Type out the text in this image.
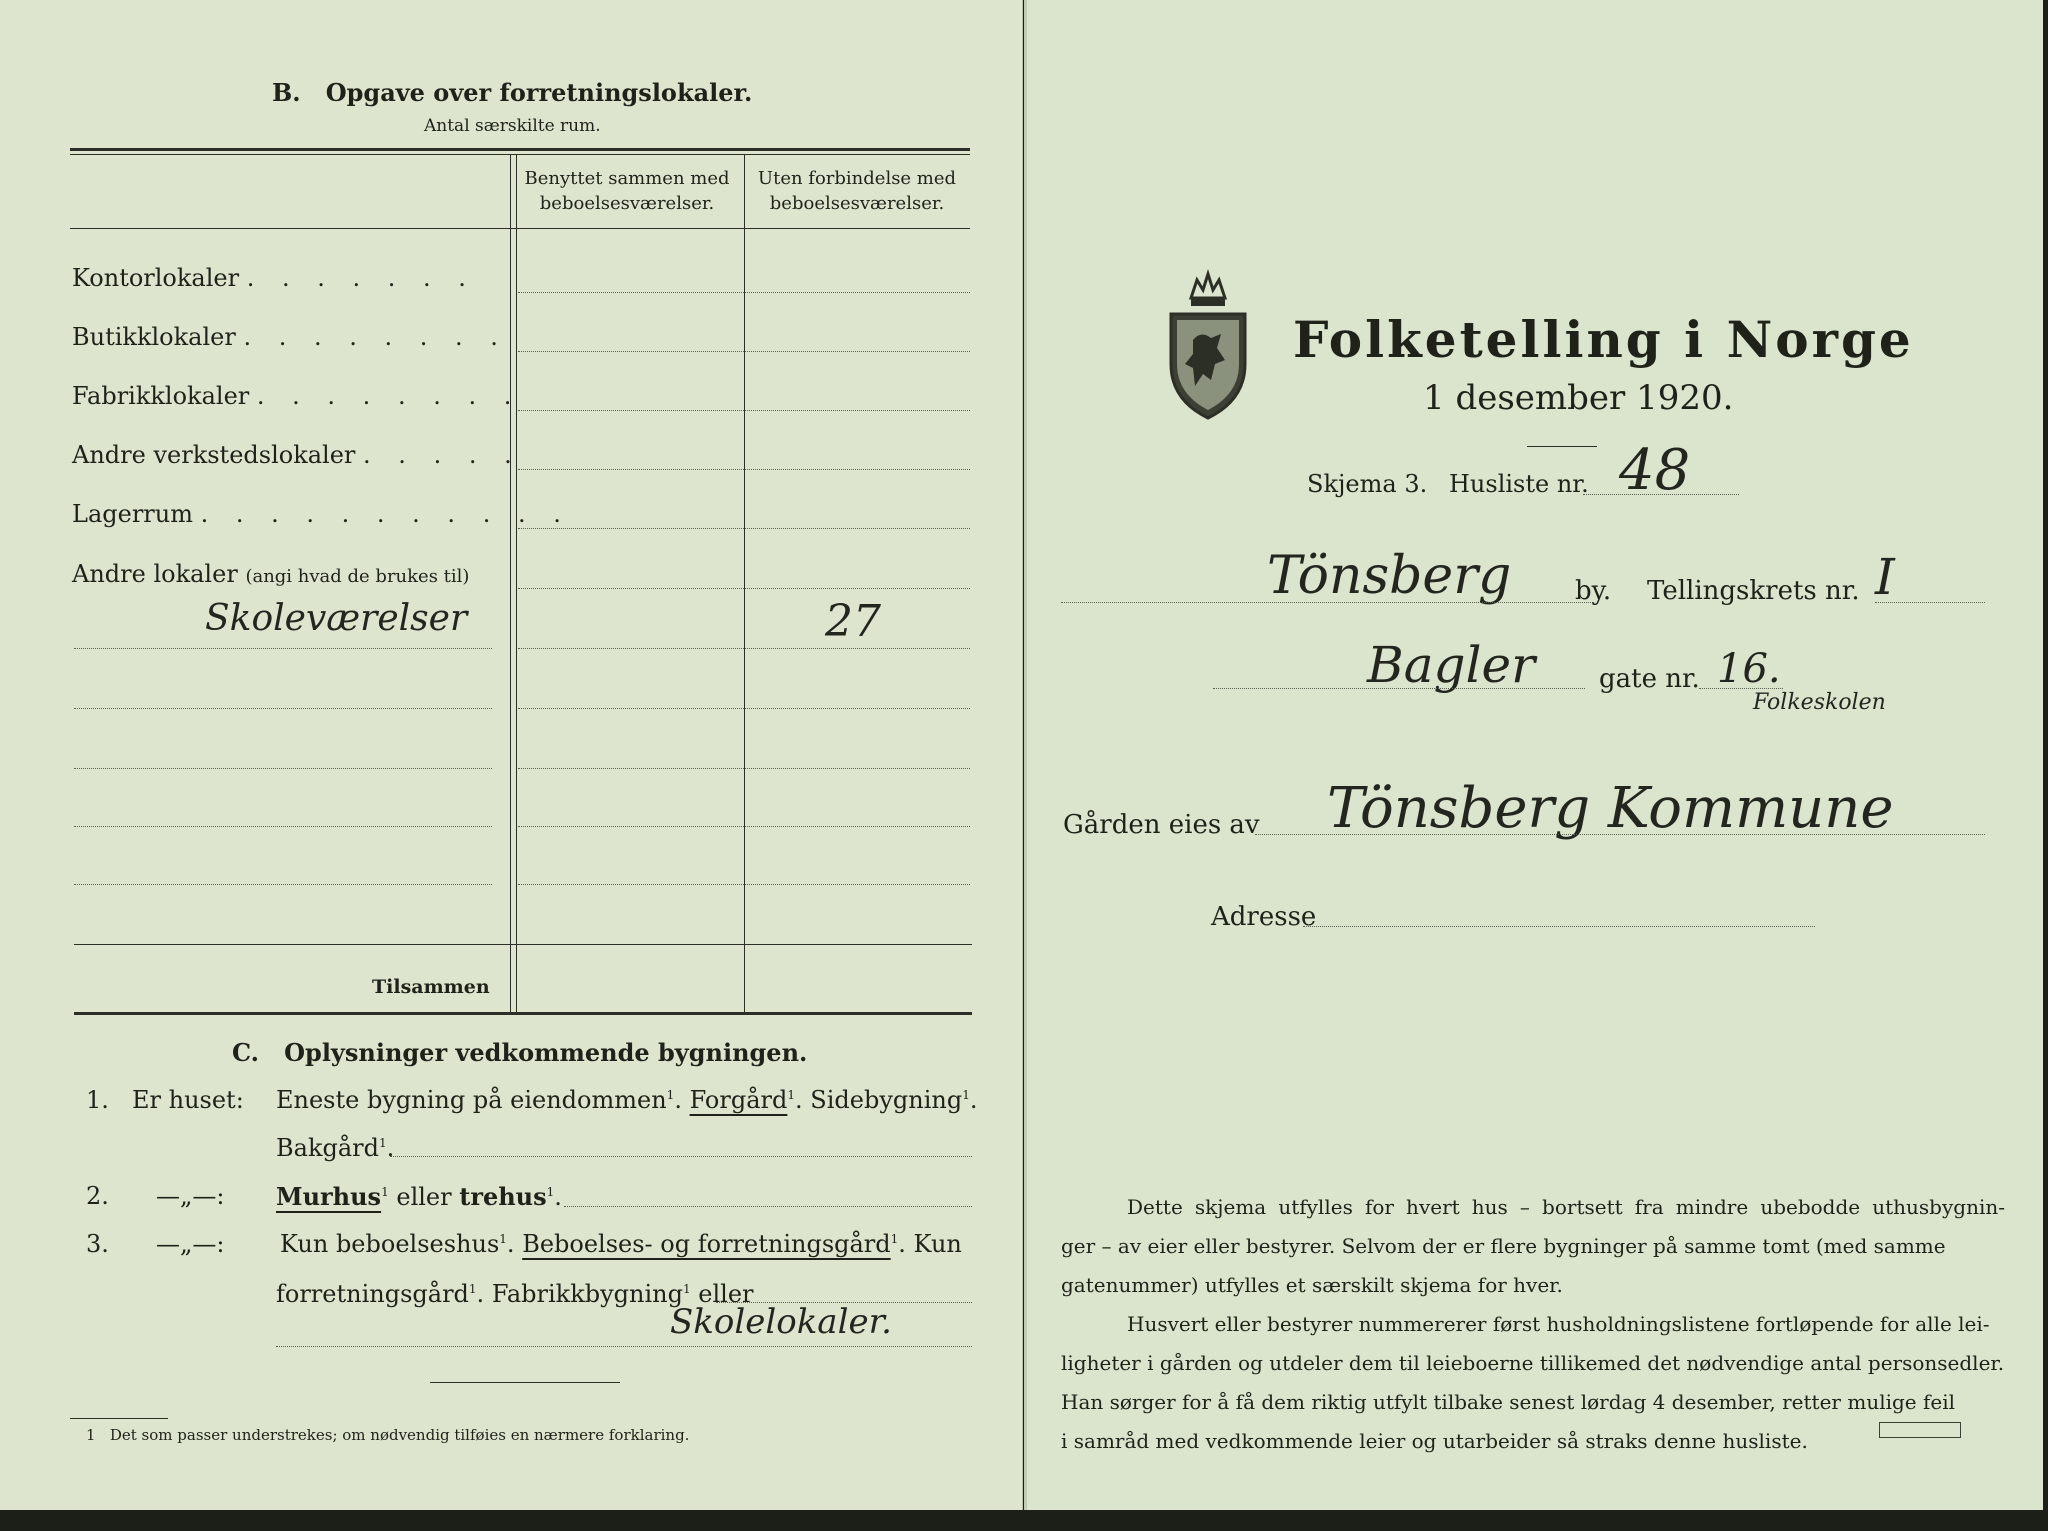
B. Opgave over forretningslokaler.
Antal særskilte rum.
Benyttet sammen med
beboelsesværelser.
Uten forbindelse med
beboelsesværelser.
Kontorlokaler . . . . . . .
Butikklokaler . . . . . . . .
Fabrikklokaler . . . . . . . .
Andre verkstedslokaler . . . . .
Lagerrum . . . . . . . . . . .
Andre lokaler (angi hvad de brukes til)
Skoleværelser	27
Tilsammen
C. Oplysninger vedkommende bygningen.
1. Er huset: Eneste bygning på eiendommen$^1$. Forgård$^1$. Sidebygning$^1$.
Bakgård$^1$.
2. —„—: Murhus$^1$ eller trehus$^1$.
3. —„—: Kun beboelseshus$^1$. Beboelses- og forretningsgård$^1$. Kun
forretningsgård$^1$. Fabrikkbygning$^1$ eller
Skolelokaler.
1 Det som passer understrekes; om nødvendig tilføies en nærmere forklaring.
Folketelling i Norge
1 desember 1920.
Skjema 3. Husliste nr. 48
Tönsberg by. Tellingskrets nr. I
Bagler gate nr. 16.
Folkeskolen
Gården eies av Tönsberg Kommune
Adresse
Dette skjema utfylles for hvert hus – bortsett fra mindre ubebodde uthusbygnin-
ger – av eier eller bestyrer. Selvom der er flere bygninger på samme tomt (med samme
gatenummer) utfylles et særskilt skjema for hver.
Husvert eller bestyrer nummererer først husholdningslistene fortløpende for alle lei-
ligheter i gården og utdeler dem til leieboerne tillikemed det nødvendige antal personsedler.
Han sørger for å få dem riktig utfylt tilbake senest lørdag 4 desember, retter mulige feil
i samråd med vedkommende leier og utarbeider så straks denne husliste.
